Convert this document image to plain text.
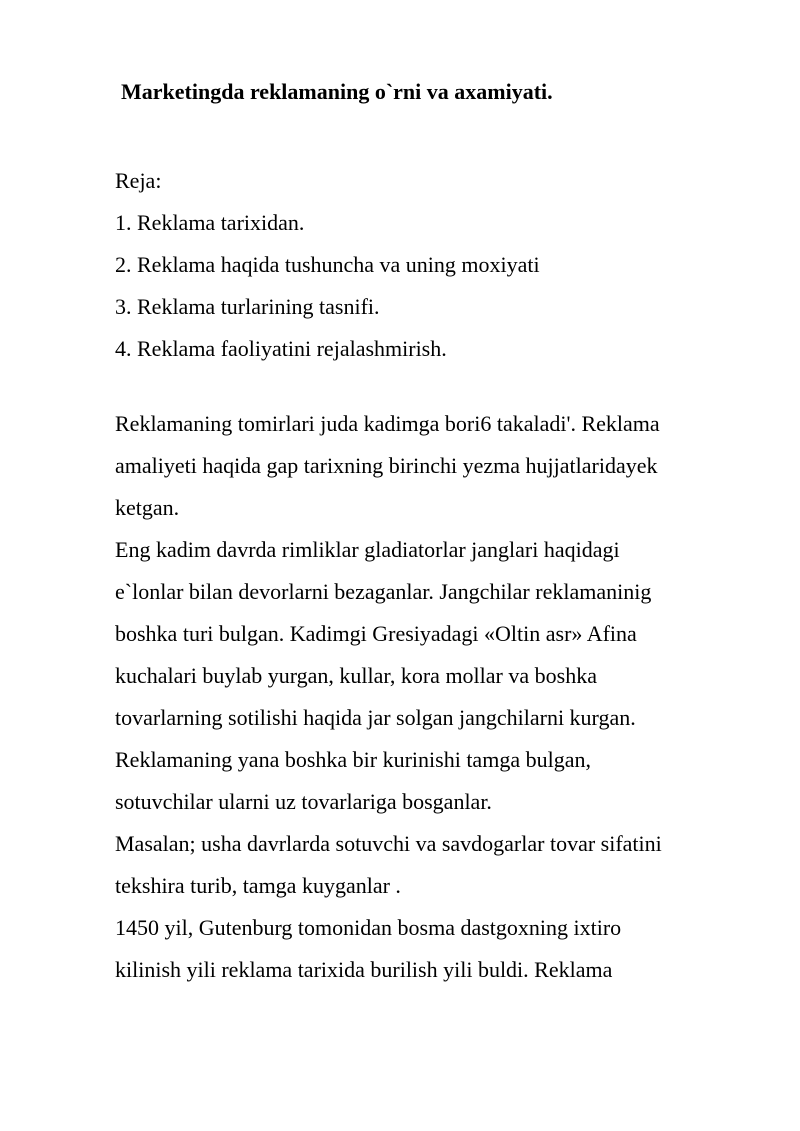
Marketingda reklamaning o`rni va axamiyati.
Reja:
1. Reklama tarixidan.
2. Reklama haqida tushuncha va uning moxiyati
3. Reklama turlarining tasnifi.
4. Reklama faoliyatini rejalashmirish.
Reklamaning tomirlari juda kadimga bori6 takaladi'. Reklama
amaliyeti haqida gap tarixning birinchi yezma hujjatlaridayek
ketgan.
Eng kadim davrda rimliklar gladiatorlar janglari haqidagi
e`lonlar bilan devorlarni bezaganlar. Jangchilar reklamaninig
boshka turi bulgan. Kadimgi Gresiyadagi «Oltin asr» Afina
kuchalari buylab yurgan, kullar, kora mollar va boshka
tovarlarning sotilishi haqida jar solgan jangchilarni kurgan.
Reklamaning yana boshka bir kurinishi tamga bulgan,
sotuvchilar ularni uz tovarlariga bosganlar.
Masalan; usha davrlarda sotuvchi va savdogarlar tovar sifatini
tekshira turib, tamga kuyganlar .
1450 yil, Gutenburg tomonidan bosma dastgoxning ixtiro
kilinish yili reklama tarixida burilish yili buldi. Reklama
